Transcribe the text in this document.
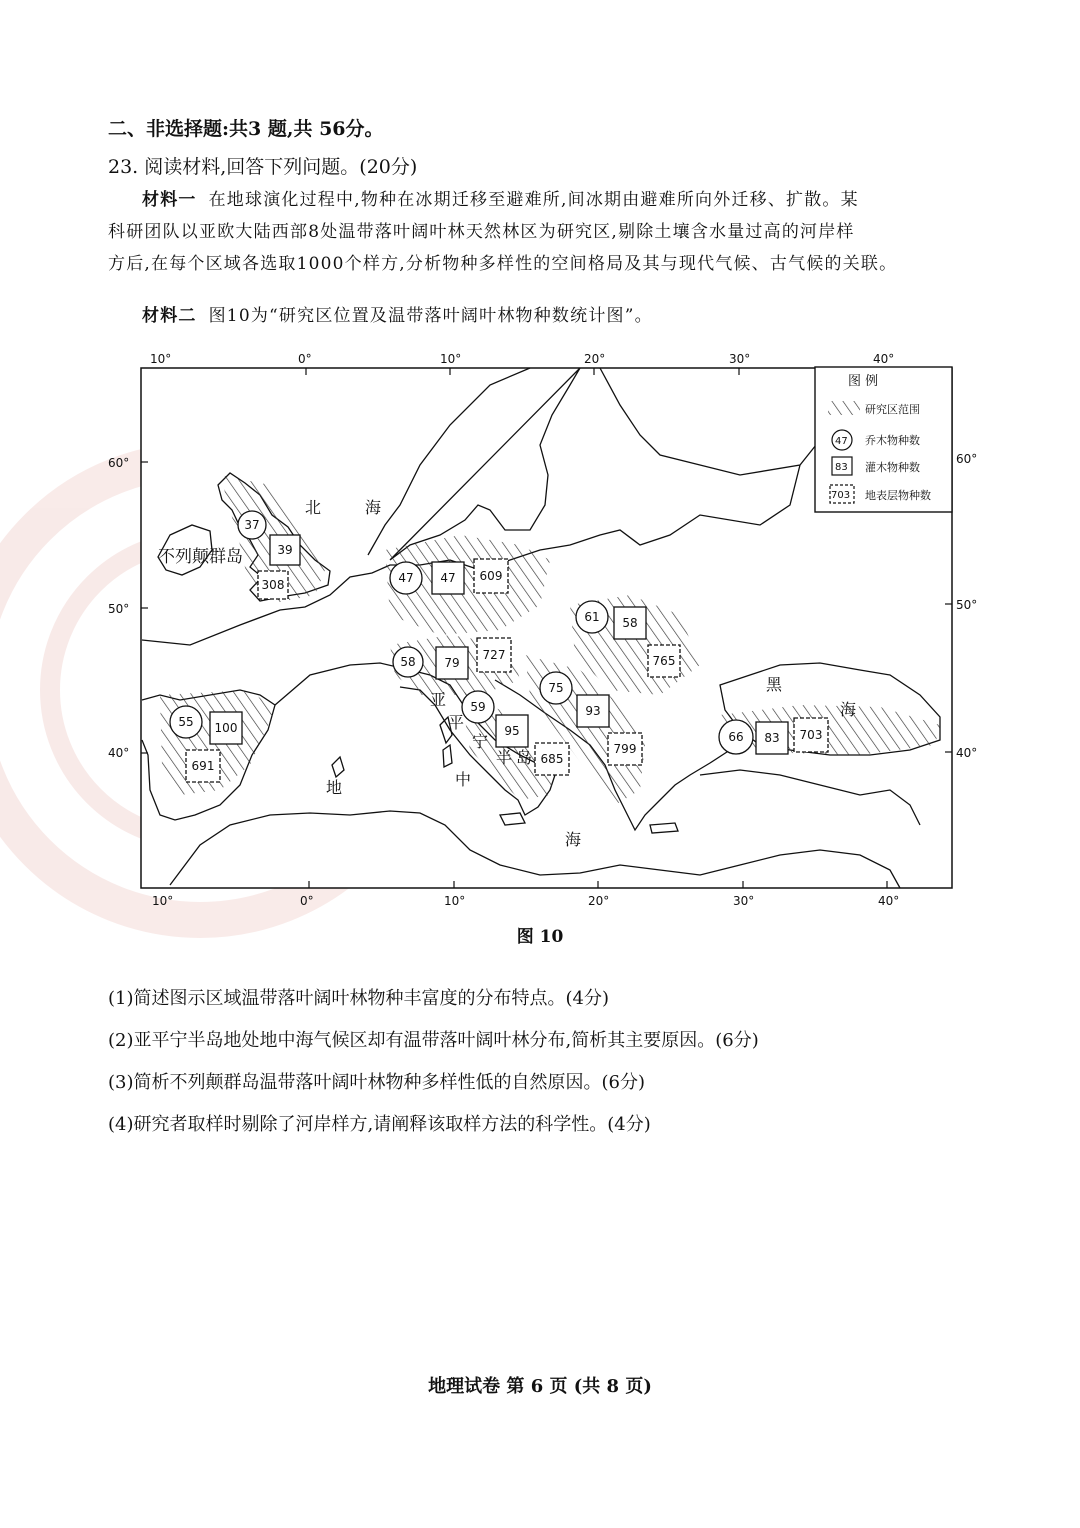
二、非选择题:共3 题,共 56分。
23. 阅读材料,回答下列问题。(20分)
材料一 在地球演化过程中,物种在冰期迁移至避难所,间冰期由避难所向外迁移、扩散。某
科研团队以亚欧大陆西部8处温带落叶阔叶林天然林区为研究区,剔除土壤含水量过高的河岸样
方后,在每个区域各选取1000个样方,分析物种多样性的空间格局及其与现代气候、古气候的关联。
材料二 图10为“研究区位置及温带落叶阔叶林物种数统计图”。
10°	0°	10°	20°	30°	40°
10°	0°	10°	20°	30°	40°
60°
50°
40°
60°
50°
40°
图 例
研究区范围
47 乔木物种数
83 灌木物种数
703 地表层物种数
北	海
不列颠群岛
黑
海
亚
平
宁
半 岛
地	中
海
37
39
308	47 47 609
61 58
765
58 79
727
55 100
691
59
95
685
75
93
799
66 83 703
图 10
(1)简述图示区域温带落叶阔叶林物种丰富度的分布特点。(4分)
(2)亚平宁半岛地处地中海气候区却有温带落叶阔叶林分布,简析其主要原因。(6分)
(3)简析不列颠群岛温带落叶阔叶林物种多样性低的自然原因。(6分)
(4)研究者取样时剔除了河岸样方,请阐释该取样方法的科学性。(4分)
地理试卷 第 6 页 (共 8 页)
